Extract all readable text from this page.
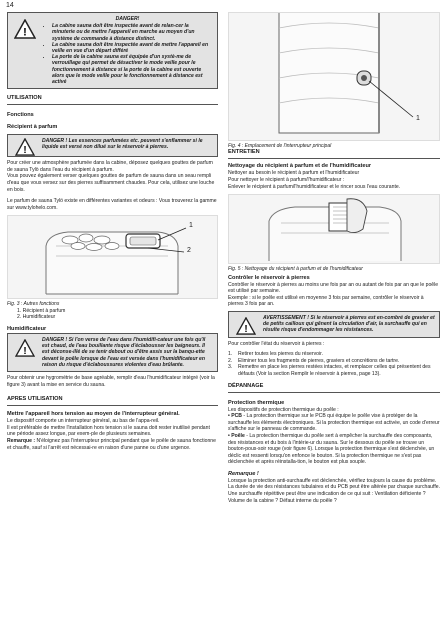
14
!
DANGER!
• La cabine sauna doit être inspectée avant de relan-cer la minuterie ou de mettre l'appareil en marche au moyen d'un système de commande à distance distinct.
• La cabine sauna doit être inspectée avant de mettre l'appareil en veille en vue d'un départ différé
• La porte de la cabine sauna est équipée d'un systè-me de verrouillage qui permet de désactiver le mode veille pour le fonctionnement à distance si la porte de la cabine est ouverte alors que le mode veille pour le fonctionnement à distance est activé
UTILISATION
Fonctions
Récipient à parfum
!
DANGER ! Les essences parfumées etc. peuvent s'enflammer si le liquide est versé non dilué sur le réservoir à pierres.

Pour créer une atmosphère parfumée dans la cabine, déposez quelques gouttes de parfum de sauna Tylö dans l'eau du récipient à parfum.

Vous pouvez également verser quelques gouttes de parfum de sauna dans un seau rempli d'eau que vous versez sur des pierres suffisamment chaudes. Pour cela, utilisez une louche en bois.

Le parfum de sauna Tylö existe en différentes variantes et odeurs : Vous trouverez la gamme sur www.tylohelo.com.

1
2
Fig. 3 : Autres fonctions

1. Récipient à parfum

2. Humidificateur

Humidificateur
!
DANGER ! Si l'on verse de l'eau dans l'humidifi-cateur une fois qu'il est chaud, de l'eau bouillante risque d'éclabousser les baigneurs. Il est déconse-illé de se tenir debout ou d'être assis sur la banqu-ette devant le poêle lorsque de l'eau est versée dans l'humidificateur en raison du risque d'éclaboussures violentes d'eau brûlante.

Pour obtenir une hygrométrie de base agréable, remplir d'eau l'humidificateur intégré (voir la figure 3) avant la mise en service du sauna.

APRES UTILISATION
Mettre l'appareil hors tension au moyen de l'interrupteur général.

Le dispositif comporte un interrupteur général, au bas de l'appa-reil.

Il est préférable de mettre l'installation hors tension si le sauna doit rester inutilisé pendant une période assez longue, par exem-ple de plusieurs semaines.

Remarque : N'éloignez pas l'interrupteur principal pendant que le poêle de sauna fonctionne et chauffe, sauf si l'arrêt est nécessai-re en raison d'une panne ou d'une urgence.

1
Fig. 4 : Emplacement de l'interrupteur principal
ENTRETIEN
Nettoyage du récipient à parfum et de l'humidificateur

Nettoyer au besoin le récipient à parfum et l'humidificateur

Pour nettoyer le récipient à parfum/l'humidificateur :

Enlever le récipient à parfum/l'humidificateur et le rincer sous l'eau courante.

Fig. 5 : Nettoyage du récipient à parfum et de l'humidificateur
Contrôler le réservoir à pierres

Contrôler le réservoir à pierres au moins une fois par an ou autant de fois par an que le poêle est utilisé par semaine.

Exemple : si le poêle est utilisé en moyenne 3 fois par semaine, contrôler le réservoir à pierres 3 fois par an.

!
AVERTISSEMENT ! Si le réservoir à pierres est en-combré de gravier et de petits cailloux qui gênent la circulation d'air, la surchauffe qui en résulte risque d'endommager les résistances.

Pour contrôler l'état du réservoir à pierres :

1.	Retirer toutes les pierres du réservoir.

2.	Eliminer tous les fragments de pierres, graviers et concrétions de tartre.

3.	Remettre en place les pierres restées intactes, et remplacer celles qui présentent des défauts (Voir la section Remplir le réservoir à pierres, page 13).

DÉPANNAGE
Protection thermique

Les dispositifs de protection thermique du poêle :

• PCB - La protection thermique sur le PCB qui équipe le poêle vise à protéger de la surchauffe les éléments électroniques. Si la protection thermique est activée, un code d'erreur s'affiche sur le panneau de commande.

• Poêle - La protection thermique du poêle sert à empêcher la surchauffe des composants, des résistances et du bois à l'intérie-ur du sauna. Sur le dessous du poêle se trouve un bouton-pous-soir rouge (voir figure 6). Lorsque la protection thermique s'est déclenchée, un déclic est ressenti lorsqu'on enfonce le bouton. Si la protection thermique ne s'est pas déclenchée et après réinstalla-tion, le bouton est plus souple.

Remarque !

Lorsque la protection anti-surchauffe est déclenchée, vérifiez toujours la cause du problème. La durée de vie des résistances tubulaires et du PCB peut être altérée par chaque surchauffe. Une surchauffe répétitive peut être une indication de ce qui suit : Ventilation déficiente ? Volume de la cabine ? Défaut interne du poêle ?
